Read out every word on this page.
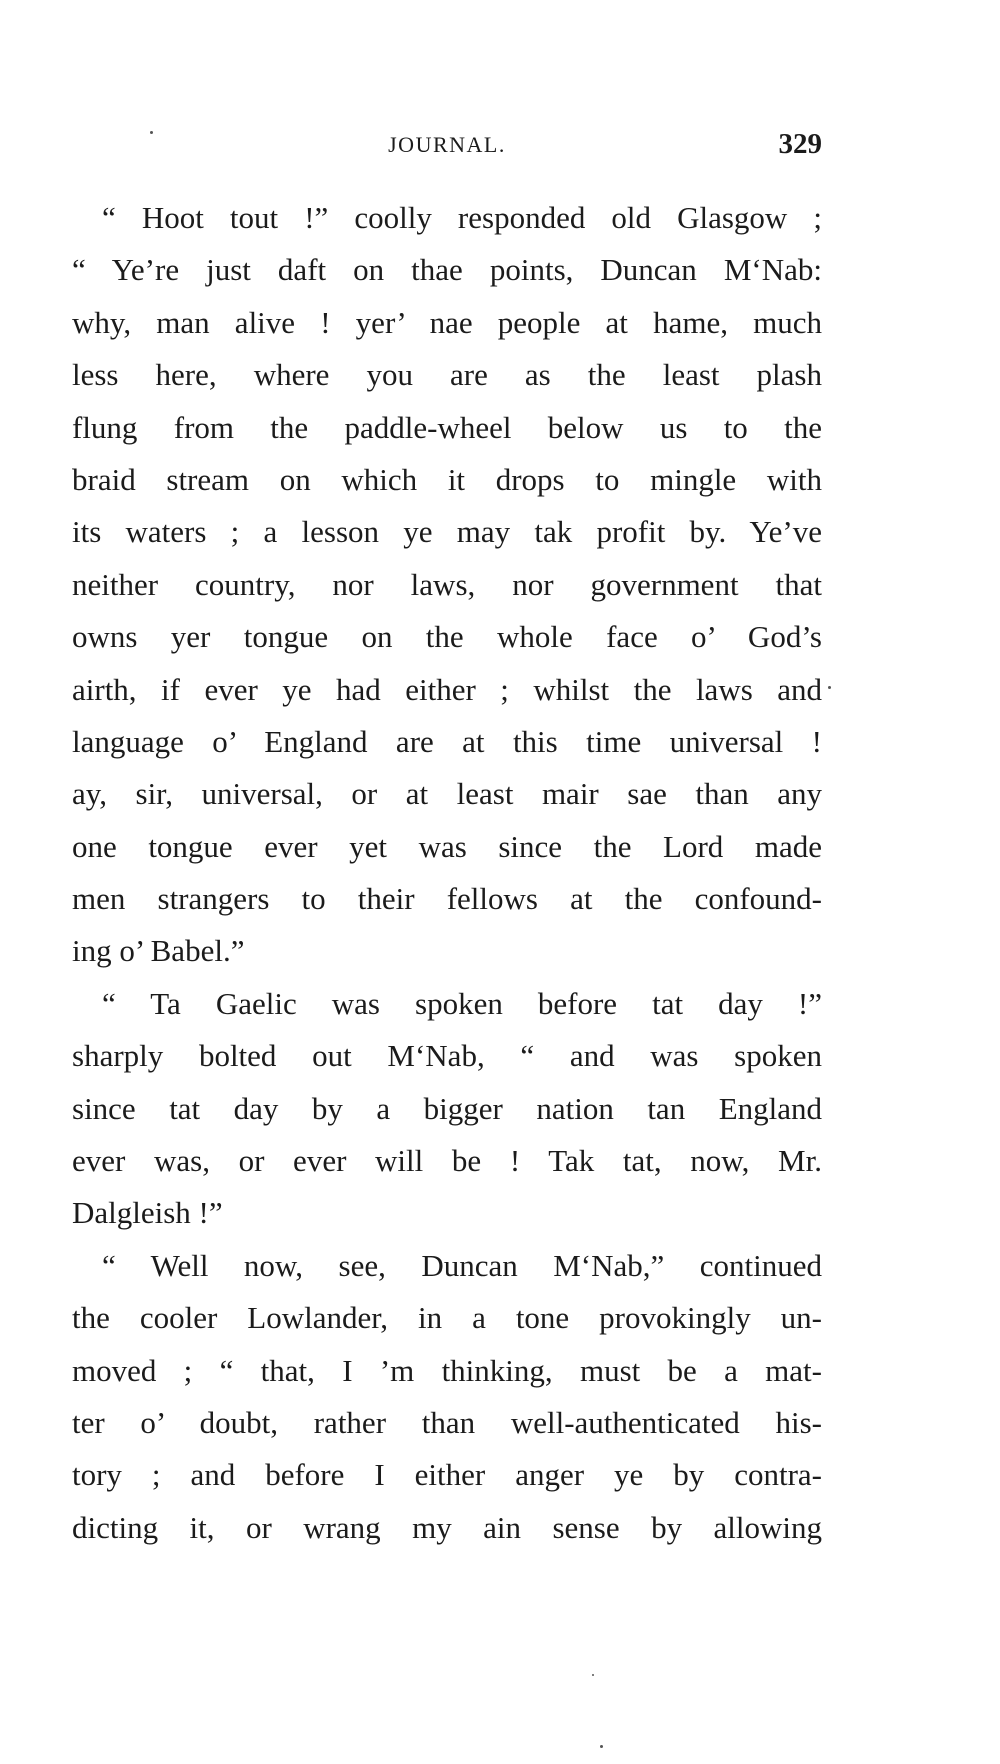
JOURNAL.	329
“ Hoot tout !” coolly responded old Glasgow ;
“ Ye’re just daft on thae points, Duncan M‘Nab:
why, man alive ! yer’ nae people at hame, much
less here, where you are as the least plash
flung from the paddle-wheel below us to the
braid stream on which it drops to mingle with
its waters ; a lesson ye may tak profit by. Ye’ve
neither country, nor laws, nor government that
owns yer tongue on the whole face o’ God’s
airth, if ever ye had either ; whilst the laws and
language o’ England are at this time universal !
ay, sir, universal, or at least mair sae than any
one tongue ever yet was since the Lord made
men strangers to their fellows at the confound-
ing o’ Babel.”
“ Ta Gaelic was spoken before tat day !”
sharply bolted out M‘Nab, “ and was spoken
since tat day by a bigger nation tan England
ever was, or ever will be ! Tak tat, now, Mr.
Dalgleish !”
“ Well now, see, Duncan M‘Nab,” continued
the cooler Lowlander, in a tone provokingly un-
moved ; “ that, I ’m thinking, must be a mat-
ter o’ doubt, rather than well-authenticated his-
tory ; and before I either anger ye by contra-
dicting it, or wrang my ain sense by allowing
